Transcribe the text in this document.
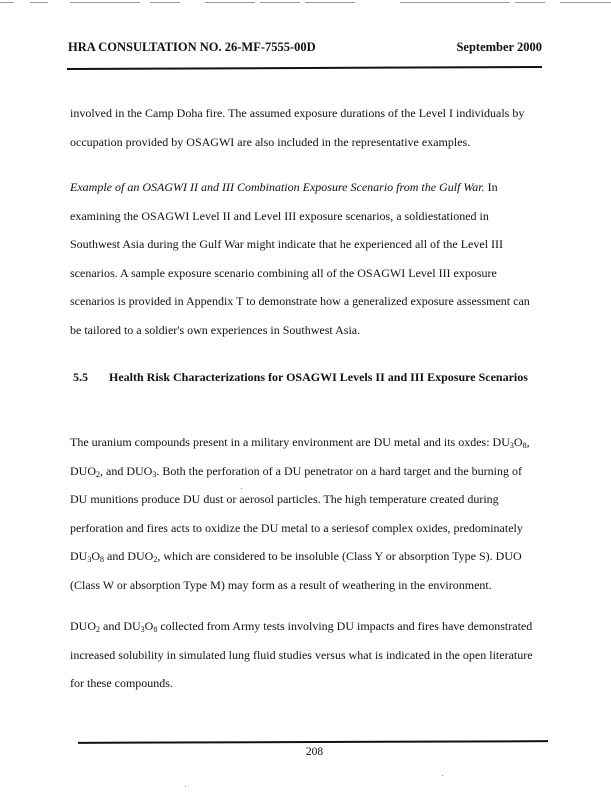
HRA CONSULTATION NO. 26-MF-7555-00D	September 2000

involved in the Camp Doha fire. The assumed exposure durations of the Level I individuals by
occupation provided by OSAGWI are also included in the representative examples.

Example of an OSAGWI II and III Combination Exposure Scenario from the Gulf War. In
examining the OSAGWI Level II and Level III exposure scenarios, a soldiestationed in
Southwest Asia during the Gulf War might indicate that he experienced all of the Level III
scenarios. A sample exposure scenario combining all of the OSAGWI Level III exposure
scenarios is provided in Appendix T to demonstrate how a generalized exposure assessment can
be tailored to a soldier's own experiences in Southwest Asia.

5.5 Health Risk Characterizations for OSAGWI Levels II and III Exposure Scenarios

The uranium compounds present in a military environment are DU metal and its oxdes: $DU_3O_8$,
$DUO_2$, and $DUO_3$. Both the perforation of a DU penetrator on a hard target and the burning of
DU munitions produce DU dust or aerosol particles. The high temperature created during
perforation and fires acts to oxidize the DU metal to a seriesof complex oxides, predominately
$DU_3O_8$ and $DUO_2$, which are considered to be insoluble (Class Y or absorption Type S). DUO
(Class W or absorption Type M) may form as a result of weathering in the environment.

$DUO_2$ and $DU_3O_8$ collected from Army tests involving DU impacts and fires have demonstrated
increased solubility in simulated lung fluid studies versus what is indicated in the open literature
for these compounds.

208
